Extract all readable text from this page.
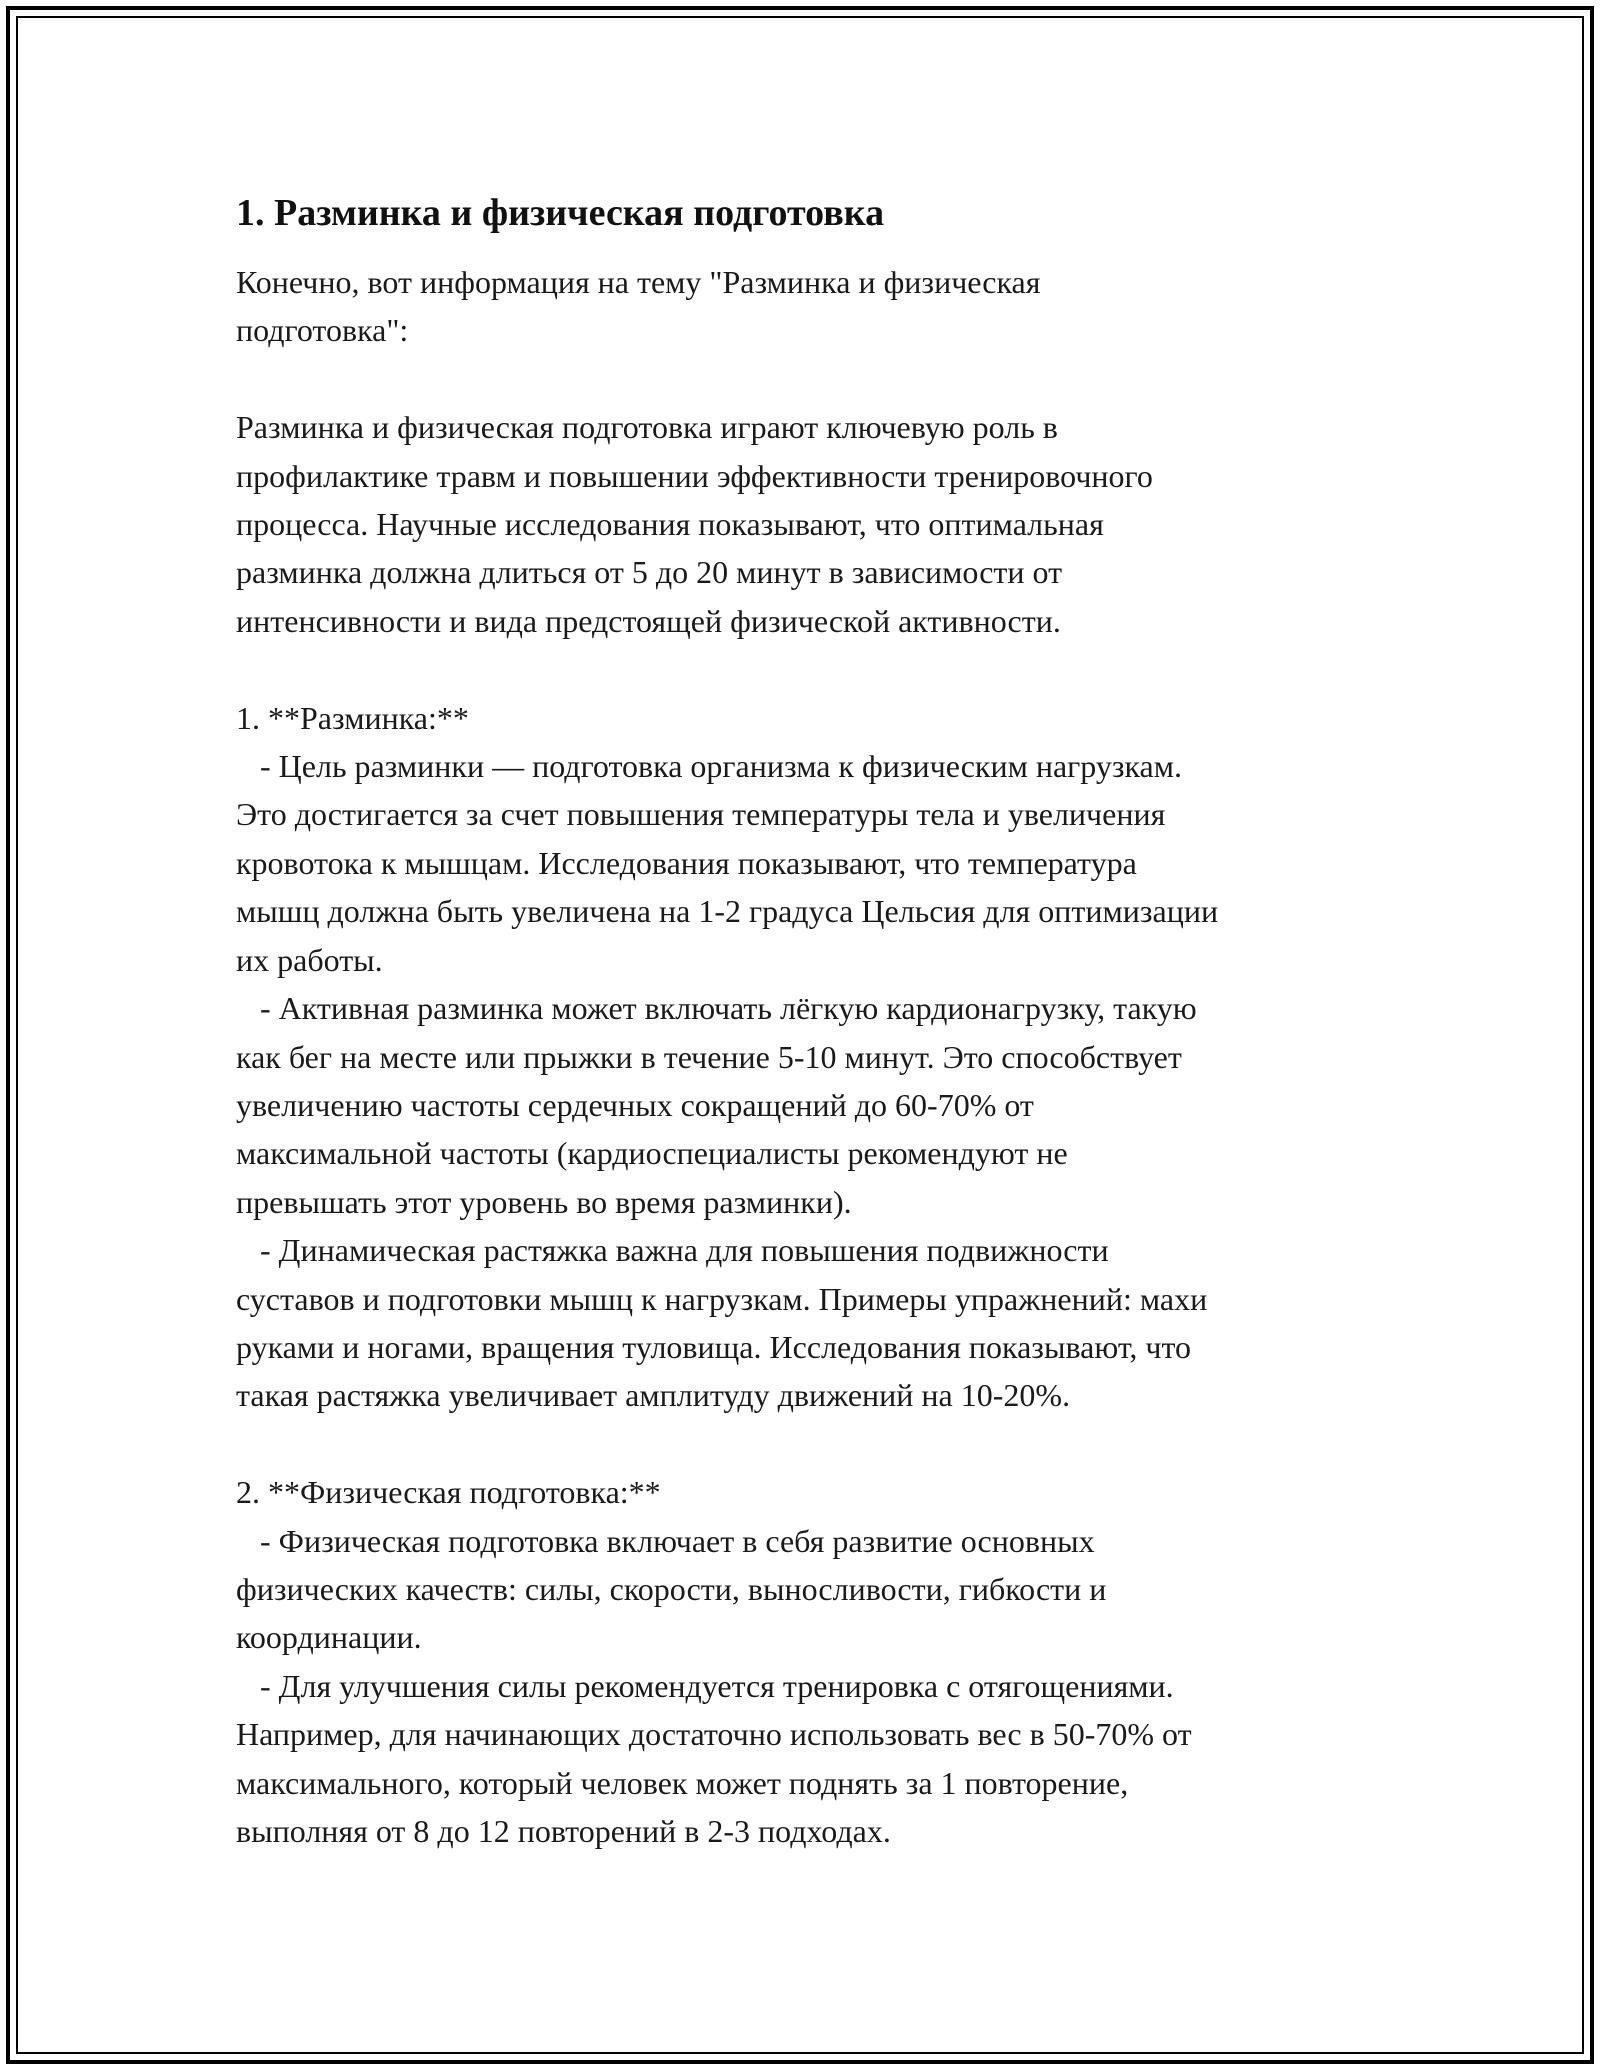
1. Разминка и физическая подготовка

Конечно, вот информация на тему "Разминка и физическая
подготовка":

Разминка и физическая подготовка играют ключевую роль в
профилактике травм и повышении эффективности тренировочного
процесса. Научные исследования показывают, что оптимальная
разминка должна длиться от 5 до 20 минут в зависимости от
интенсивности и вида предстоящей физической активности.

1. **Разминка:**
- Цель разминки — подготовка организма к физическим нагрузкам.
Это достигается за счет повышения температуры тела и увеличения
кровотока к мышцам. Исследования показывают, что температура
мышц должна быть увеличена на 1-2 градуса Цельсия для оптимизации
их работы.
- Активная разминка может включать лёгкую кардионагрузку, такую
как бег на месте или прыжки в течение 5-10 минут. Это способствует
увеличению частоты сердечных сокращений до 60-70% от
максимальной частоты (кардиоспециалисты рекомендуют не
превышать этот уровень во время разминки).
- Динамическая растяжка важна для повышения подвижности
суставов и подготовки мышц к нагрузкам. Примеры упражнений: махи
руками и ногами, вращения туловища. Исследования показывают, что
такая растяжка увеличивает амплитуду движений на 10-20%.

2. **Физическая подготовка:**
- Физическая подготовка включает в себя развитие основных
физических качеств: силы, скорости, выносливости, гибкости и
координации.
- Для улучшения силы рекомендуется тренировка с отягощениями.
Например, для начинающих достаточно использовать вес в 50-70% от
максимального, который человек может поднять за 1 повторение,
выполняя от 8 до 12 повторений в 2-3 подходах.
